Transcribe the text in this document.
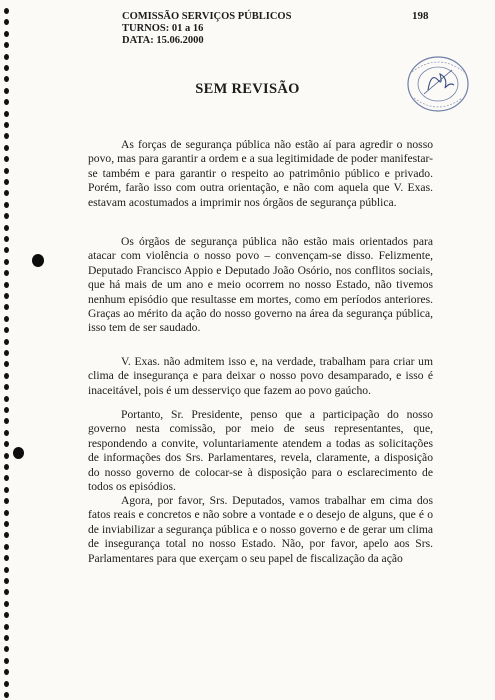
COMISSÃO SERVIÇOS PÚBLICOS
TURNOS: 01 a 16
DATA: 15.06.2000
198
SEM REVISÃO

As forças de segurança pública não estão aí para agredir o nosso povo, mas para garantir a ordem e a sua legitimidade de poder manifestar-se também e para garantir o respeito ao patrimônio público e privado. Porém, farão isso com outra orientação, e não com aquela que V. Exas. estavam acostumados a imprimir nos órgãos de segurança pública.

Os órgãos de segurança pública não estão mais orientados para atacar com violência o nosso povo – convençam-se disso. Felizmente, Deputado Francisco Appio e Deputado João Osório, nos conflitos sociais, que há mais de um ano e meio ocorrem no nosso Estado, não tivemos nenhum episódio que resultasse em mortes, como em períodos anteriores. Graças ao mérito da ação do nosso governo na área da segurança pública, isso tem de ser saudado.

V. Exas. não admitem isso e, na verdade, trabalham para criar um clima de insegurança e para deixar o nosso povo desamparado, e isso é inaceitável, pois é um desserviço que fazem ao povo gaúcho.

Portanto, Sr. Presidente, penso que a participação do nosso governo nesta comissão, por meio de seus representantes, que, respondendo a convite, voluntariamente atendem a todas as solicitações de informações dos Srs. Parlamentares, revela, claramente, a disposição do nosso governo de colocar-se à disposição para o esclarecimento de todos os episódios.

Agora, por favor, Srs. Deputados, vamos trabalhar em cima dos fatos reais e concretos e não sobre a vontade e o desejo de alguns, que é o de inviabilizar a segurança pública e o nosso governo e de gerar um clima de insegurança total no nosso Estado. Não, por favor, apelo aos Srs. Parlamentares para que exerçam o seu papel de fiscalização da ação
